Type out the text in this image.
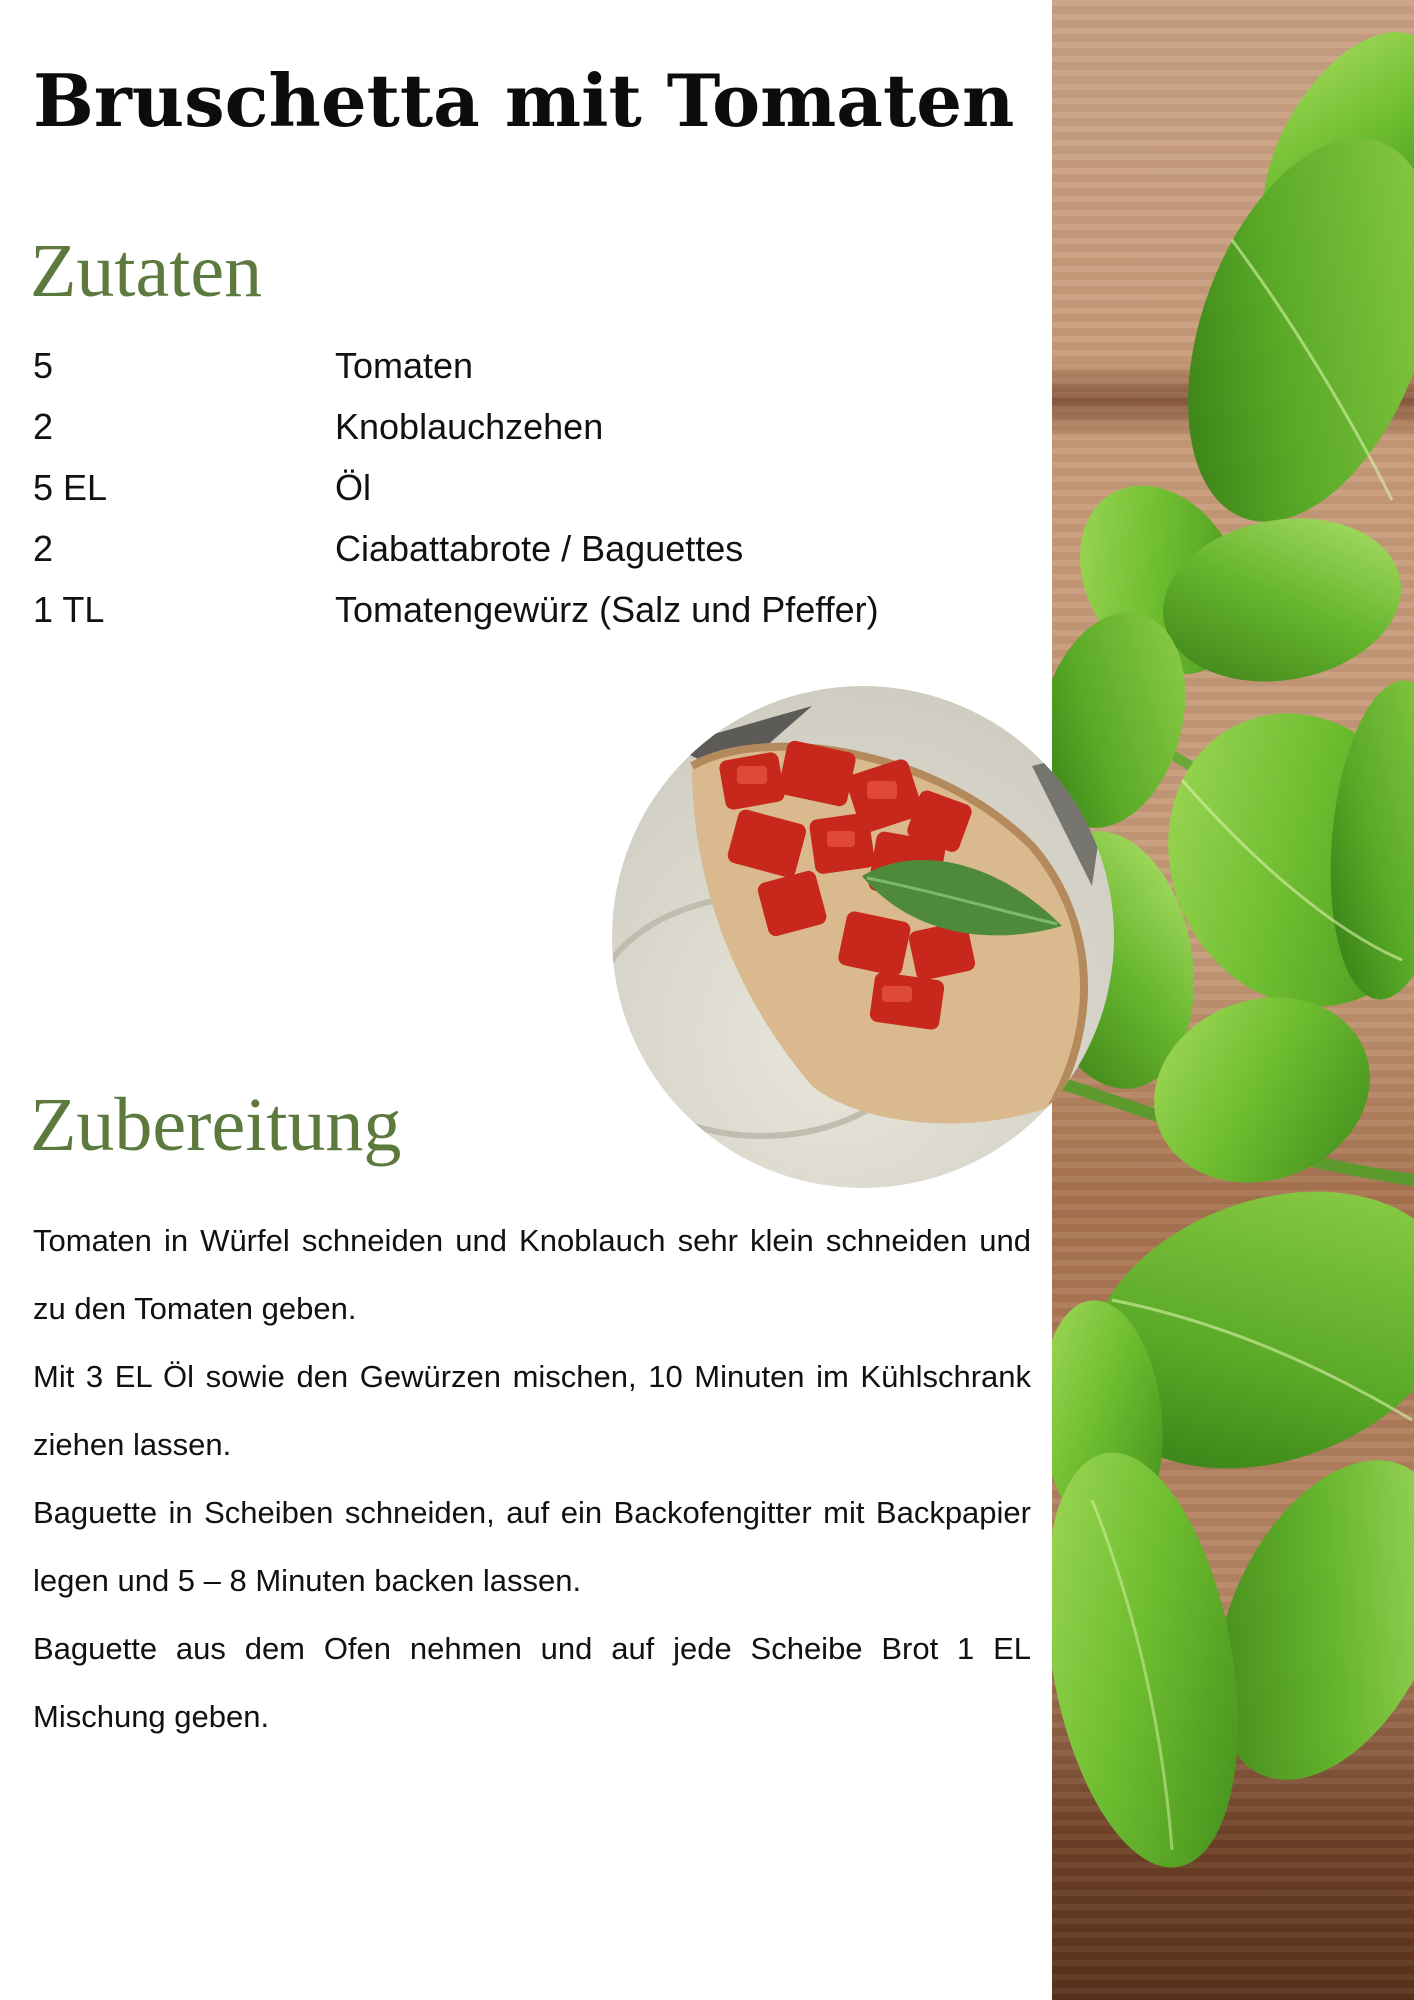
Bruschetta mit Tomaten
Zutaten
5	Tomaten
2	Knoblauchzehen
5 EL	Öl
2	Ciabattabrote / Baguettes
1 TL	Tomatengewürz (Salz und Pfeffer)
Zubereitung

Tomaten in Würfel schneiden und Knoblauch sehr klein schneiden und zu den Tomaten geben.

Mit 3 EL Öl sowie den Gewürzen mischen, 10 Minuten im Kühlschrank ziehen lassen.

Baguette in Scheiben schneiden, auf ein Backofengitter mit Backpapier legen und 5 – 8 Minuten backen lassen.

Baguette aus dem Ofen nehmen und auf jede Scheibe Brot 1 EL Mischung geben.
